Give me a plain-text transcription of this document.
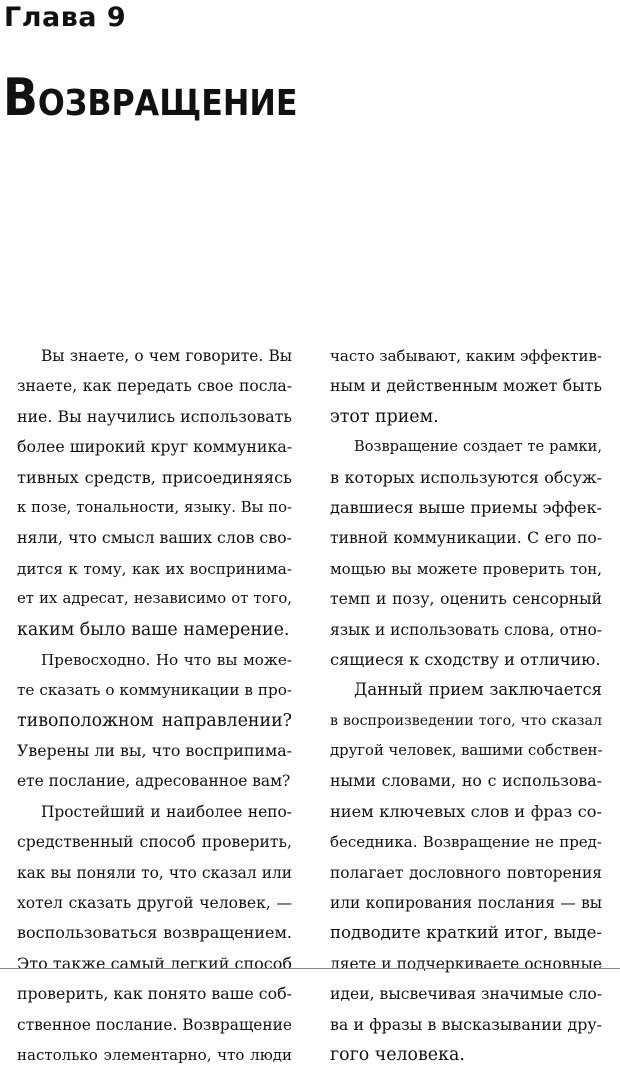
Глава 9
Возвращение
Вы знаете, о чем говорите. Вы
знаете, как передать свое посла-
ние. Вы научились использовать
более широкий круг коммуника-
тивных средств, присоединяясь
к позе, тональности, языку. Вы по-
няли, что смысл ваших слов сво-
дится к тому, как их воспринима-
ет их адресат, независимо от того,
каким было ваше намерение.
Превосходно. Но что вы може-
те сказать о коммуникации в про-
тивоположном направлении?
Уверены ли вы, что восприпима-
ете послание, адресованное вам?
Простейший и наиболее непо-
средственный способ проверить,
как вы поняли то, что сказал или
хотел сказать другой человек, —
воспользоваться возвращением.
Это также самый легкий способ
проверить, как понято ваше соб-
ственное послание. Возвращение
настолько элементарно, что люди
часто забывают, каким эффектив-
ным и действенным может быть
этот прием.
Возвращение создает те рамки,
в которых используются обсуж-
давшиеся выше приемы эффек-
тивной коммуникации. С его по-
мощью вы можете проверить тон,
темп и позу, оценить сенсорный
язык и использовать слова, отно-
сящиеся к сходству и отличию.
Данный прием заключается
в воспроизведении того, что сказал
другой человек, вашими собствен-
ными словами, но с использова-
нием ключевых слов и фраз со-
беседника. Возвращение не пред-
полагает дословного повторения
или копирования послания — вы
подводите краткий итог, выде-
ляете и подчеркиваете основные
идеи, высвечивая значимые сло-
ва и фразы в высказывании дру-
гого человека.
